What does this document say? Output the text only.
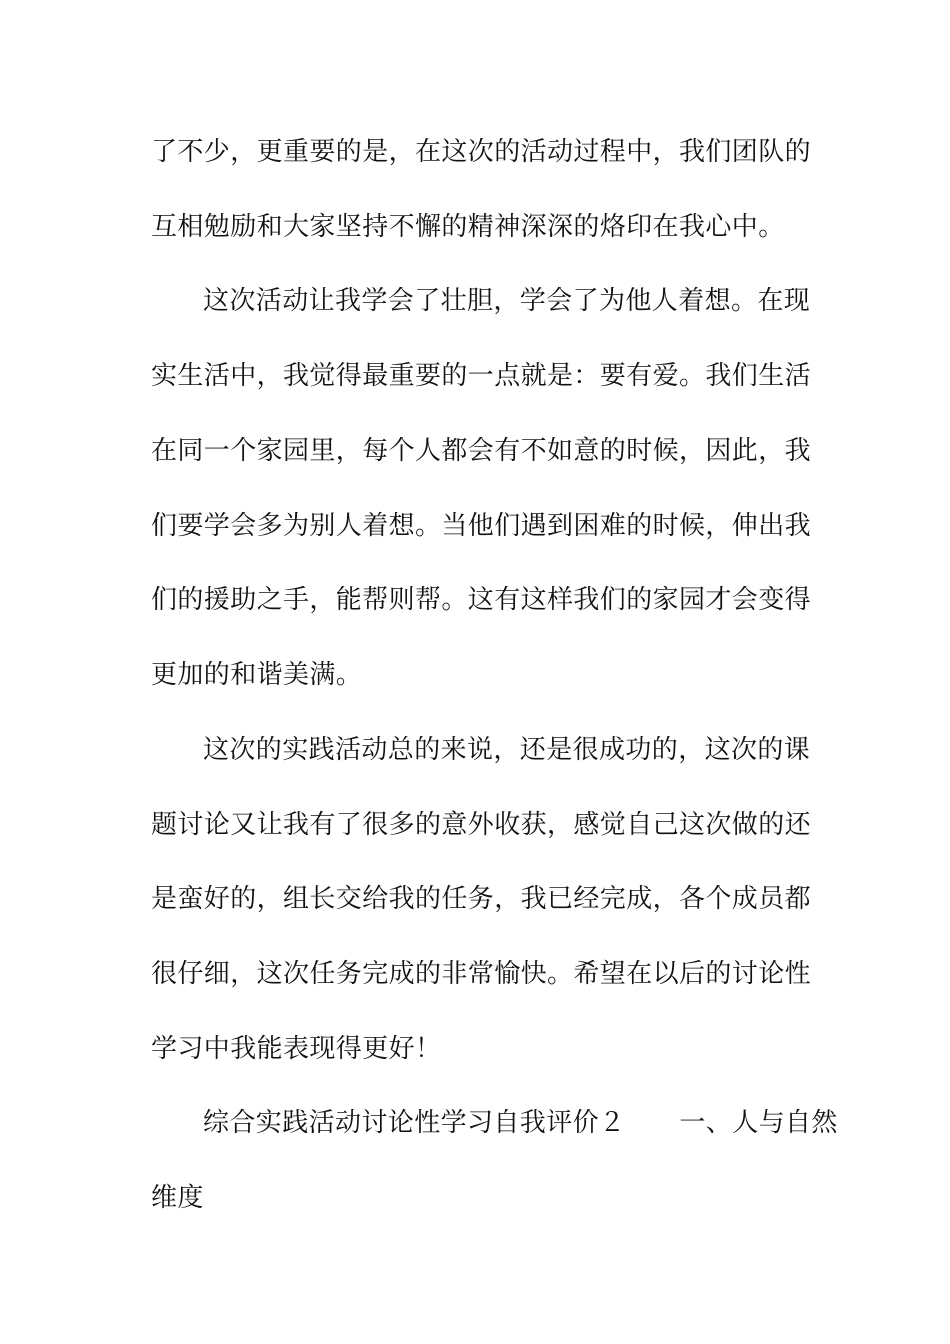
了不少，更重要的是，在这次的活动过程中，我们团队的
互相勉励和大家坚持不懈的精神深深的烙印在我心中。
这次活动让我学会了壮胆，学会了为他人着想。在现
实生活中，我觉得最重要的一点就是：要有爱。我们生活
在同一个家园里，每个人都会有不如意的时候，因此，我
们要学会多为别人着想。当他们遇到困难的时候，伸出我
们的援助之手，能帮则帮。这有这样我们的家园才会变得
更加的和谐美满。
这次的实践活动总的来说，还是很成功的，这次的课
题讨论又让我有了很多的意外收获，感觉自己这次做的还
是蛮好的，组长交给我的任务，我已经完成，各个成员都
很仔细，这次任务完成的非常愉快。希望在以后的讨论性
学习中我能表现得更好！
综合实践活动讨论性学习自我评价２ 一、人与自然
维度
